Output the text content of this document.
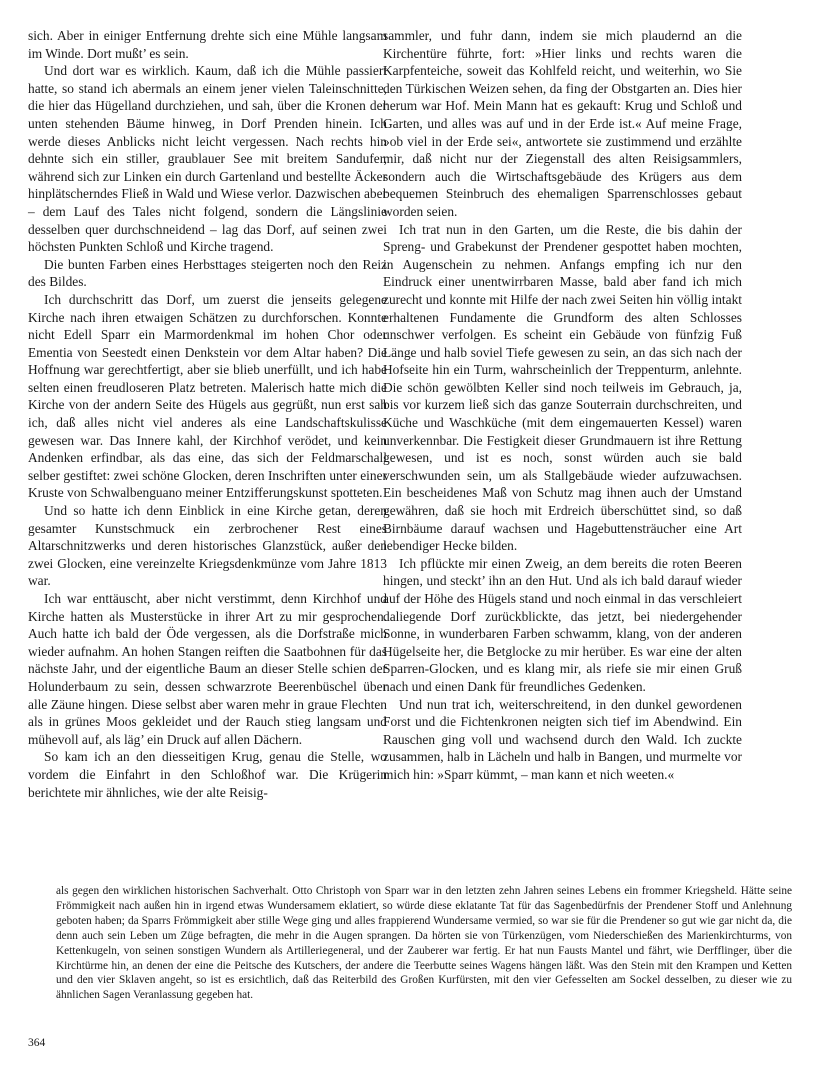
sich. Aber in einiger Entfernung drehte sich eine Mühle langsam im Winde. Dort mußt’ es sein.

Und dort war es wirklich. Kaum, daß ich die Mühle passiert hatte, so stand ich abermals an einem jener vielen Taleinschnitte, die hier das Hügelland durchziehen, und sah, über die Kronen der unten stehenden Bäume hinweg, in Dorf Prenden hinein. Ich werde dieses Anblicks nicht leicht vergessen. Nach rechts hin dehnte sich ein stiller, graublauer See mit breitem Sandufer, während sich zur Linken ein durch Gartenland und bestellte Äcker hinplätscherndes Fließ in Wald und Wiese verlor. Dazwischen aber – dem Lauf des Tales nicht folgend, sondern die Längslinie desselben quer durchschneidend – lag das Dorf, auf seinen zwei höchsten Punkten Schloß und Kirche tragend.

Die bunten Farben eines Herbsttages steigerten noch den Reiz des Bildes.

Ich durchschritt das Dorf, um zuerst die jenseits gelegene Kirche nach ihren etwaigen Schätzen zu durchforschen. Konnte nicht Edell Sparr ein Marmordenkmal im hohen Chor oder Ementia von Seestedt einen Denkstein vor dem Altar haben? Die Hoffnung war gerechtfertigt, aber sie blieb unerfüllt, und ich habe selten einen freudloseren Platz betreten. Malerisch hatte mich die Kirche von der andern Seite des Hügels aus gegrüßt, nun erst sah ich, daß alles nicht viel anderes als eine Landschaftskulisse gewesen war. Das Innere kahl, der Kirchhof verödet, und kein Andenken erfindbar, als das eine, das sich der Feldmarschall selber gestiftet: zwei schöne Glocken, deren Inschriften unter einer Kruste von Schwalbenguano meiner Entzifferungskunst spotteten.

Und so hatte ich denn Einblick in eine Kirche getan, deren gesamter Kunstschmuck ein zerbrochener Rest eines Altarschnitzwerks und deren historisches Glanzstück, außer den zwei Glocken, eine vereinzelte Kriegsdenkmünze vom Jahre 1813 war.

Ich war enttäuscht, aber nicht verstimmt, denn Kirchhof und Kirche hatten als Musterstücke in ihrer Art zu mir gesprochen. Auch hatte ich bald der Öde vergessen, als die Dorfstraße mich wieder aufnahm. An hohen Stangen reiften die Saatbohnen für das nächste Jahr, und der eigentliche Baum an dieser Stelle schien der Holunderbaum zu sein, dessen schwarzrote Beerenbüschel über alle Zäune hingen. Diese selbst aber waren mehr in graue Flechten als in grünes Moos gekleidet und der Rauch stieg langsam und mühevoll auf, als läg’ ein Druck auf allen Dächern.

So kam ich an den diesseitigen Krug, genau die Stelle, wo vordem die Einfahrt in den Schloßhof war. Die Krügerin berichtete mir ähnliches, wie der alte Reisig-

sammler, und fuhr dann, indem sie mich plaudernd an die Kirchentüre führte, fort: »Hier links und rechts waren die Karpfenteiche, soweit das Kohlfeld reicht, und weiterhin, wo Sie den Türkischen Weizen sehen, da fing der Obstgarten an. Dies hier herum war Hof. Mein Mann hat es gekauft: Krug und Schloß und Garten, und alles was auf und in der Erde ist.« Auf meine Frage, »ob viel in der Erde sei«, antwortete sie zustimmend und erzählte mir, daß nicht nur der Ziegenstall des alten Reisigsammlers, sondern auch die Wirtschaftsgebäude des Krügers aus dem bequemen Steinbruch des ehemaligen Sparrenschlosses gebaut worden seien.

Ich trat nun in den Garten, um die Reste, die bis dahin der Spreng- und Grabekunst der Prendener gespottet haben mochten, in Augenschein zu nehmen. Anfangs empfing ich nur den Eindruck einer unentwirrbaren Masse, bald aber fand ich mich zurecht und konnte mit Hilfe der nach zwei Seiten hin völlig intakt erhaltenen Fundamente die Grundform des alten Schlosses unschwer verfolgen. Es scheint ein Gebäude von fünfzig Fuß Länge und halb soviel Tiefe gewesen zu sein, an das sich nach der Hofseite hin ein Turm, wahrscheinlich der Treppenturm, anlehnte. Die schön gewölbten Keller sind noch teilweis im Gebrauch, ja, bis vor kurzem ließ sich das ganze Souterrain durchschreiten, und Küche und Waschküche (mit dem eingemauerten Kessel) waren unverkennbar. Die Festigkeit dieser Grundmauern ist ihre Rettung gewesen, und ist es noch, sonst würden auch sie bald verschwunden sein, um als Stallgebäude wieder aufzuwachsen. Ein bescheidenes Maß von Schutz mag ihnen auch der Umstand gewähren, daß sie hoch mit Erdreich überschüttet sind, so daß Birnbäume darauf wachsen und Hagebuttensträucher eine Art lebendiger Hecke bilden.

Ich pflückte mir einen Zweig, an dem bereits die roten Beeren hingen, und steckt’ ihn an den Hut. Und als ich bald darauf wieder auf der Höhe des Hügels stand und noch einmal in das verschleiert daliegende Dorf zurückblickte, das jetzt, bei niedergehender Sonne, in wunderbaren Farben schwamm, klang, von der anderen Hügelseite her, die Betglocke zu mir herüber. Es war eine der alten Sparren-Glocken, und es klang mir, als riefe sie mir einen Gruß nach und einen Dank für freundliches Gedenken.

Und nun trat ich, weiterschreitend, in den dunkel gewordenen Forst und die Fichtenkronen neigten sich tief im Abendwind. Ein Rauschen ging voll und wachsend durch den Wald. Ich zuckte zusammen, halb in Lächeln und halb in Bangen, und murmelte vor mich hin: »Sparr kümmt, – man kann et nich weeten.«

als gegen den wirklichen historischen Sachverhalt. Otto Christoph von Sparr war in den letzten zehn Jahren seines Lebens ein frommer Kriegsheld. Hätte seine Frömmigkeit nach außen hin in irgend etwas Wundersamem eklatiert, so würde diese eklatante Tat für das Sagenbedürfnis der Prendener Stoff und Anlehnung geboten haben; da Sparrs Frömmigkeit aber stille Wege ging und alles frappierend Wundersame vermied, so war sie für die Prendener so gut wie gar nicht da, die denn auch sein Leben um Züge befragten, die mehr in die Augen sprangen. Da hörten sie von Türkenzügen, vom Niederschießen des Marienkirchturms, von Kettenkugeln, von seinen sonstigen Wundern als Artilleriegeneral, und der Zauberer war fertig. Er hat nun Fausts Mantel und fährt, wie Derfflinger, über die Kirchtürme hin, an denen der eine die Peitsche des Kutschers, der andere die Teerbutte seines Wagens hängen läßt. Was den Stein mit den Krampen und Ketten und den vier Sklaven angeht, so ist es ersichtlich, daß das Reiterbild des Großen Kurfürsten, mit den vier Gefesselten am Sockel desselben, zu dieser wie zu ähnlichen Sagen Veranlassung gegeben hat.

364
